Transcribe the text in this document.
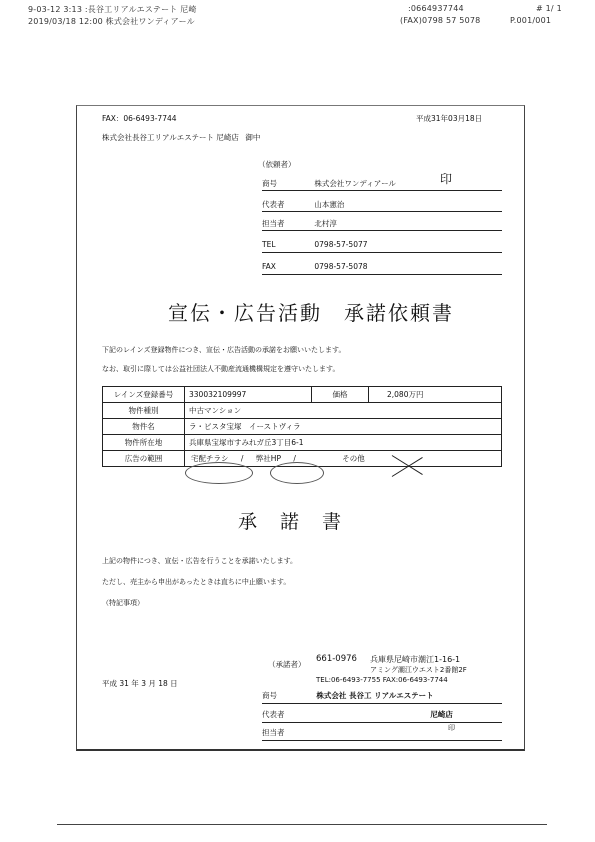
9-03-12 3:13 :長谷工リアルエステート 尼崎	:0664937744	# 1/ 1
2019/03/18 12:00 株式会社ワンディアール	(FAX)0798 57 5078	P.001/001
FAX：06-6493-7744	平成31年03月18日
株式会社長谷工リアルエステート 尼崎店 御中
（依頼者）
商号	株式会社ワンディアール	印
代表者	山本憲治
担当者	北村淳
TEL	0798-57-5077
FAX	0798-57-5078
宣伝・広告活動　承諾依頼書
下記のレインズ登録物件につき、宣伝・広告活動の承諾をお願いいたします。
なお、取引に際しては公益社団法人不動産流通機構規定を遵守いたします。
レインズ登録番号	330032109997	価格	2,080万円
物件種別	中古マンション		
物件名	ラ・ビスタ宝塚　イーストヴィラ		
物件所在地	兵庫県宝塚市すみれガ丘3丁目6-1		
広告の範囲	宅配チラシ / 弊社HP / その他		
承　諾　書
上記の物件につき、宣伝・広告を行うことを承諾いたします。
ただし、売主から申出があったときは直ちに中止願います。
（特記事項）
平成 31 年 3 月 18 日
（承諾者）
661-0976 兵庫県尼崎市潮江1-16-1
アミング潮江ウエスト2番館2F
TEL:06-6493-7755 FAX:06-6493-7744
商号	株式会社 長谷工 リアルエステート
代表者	尼崎店
印
担当者
